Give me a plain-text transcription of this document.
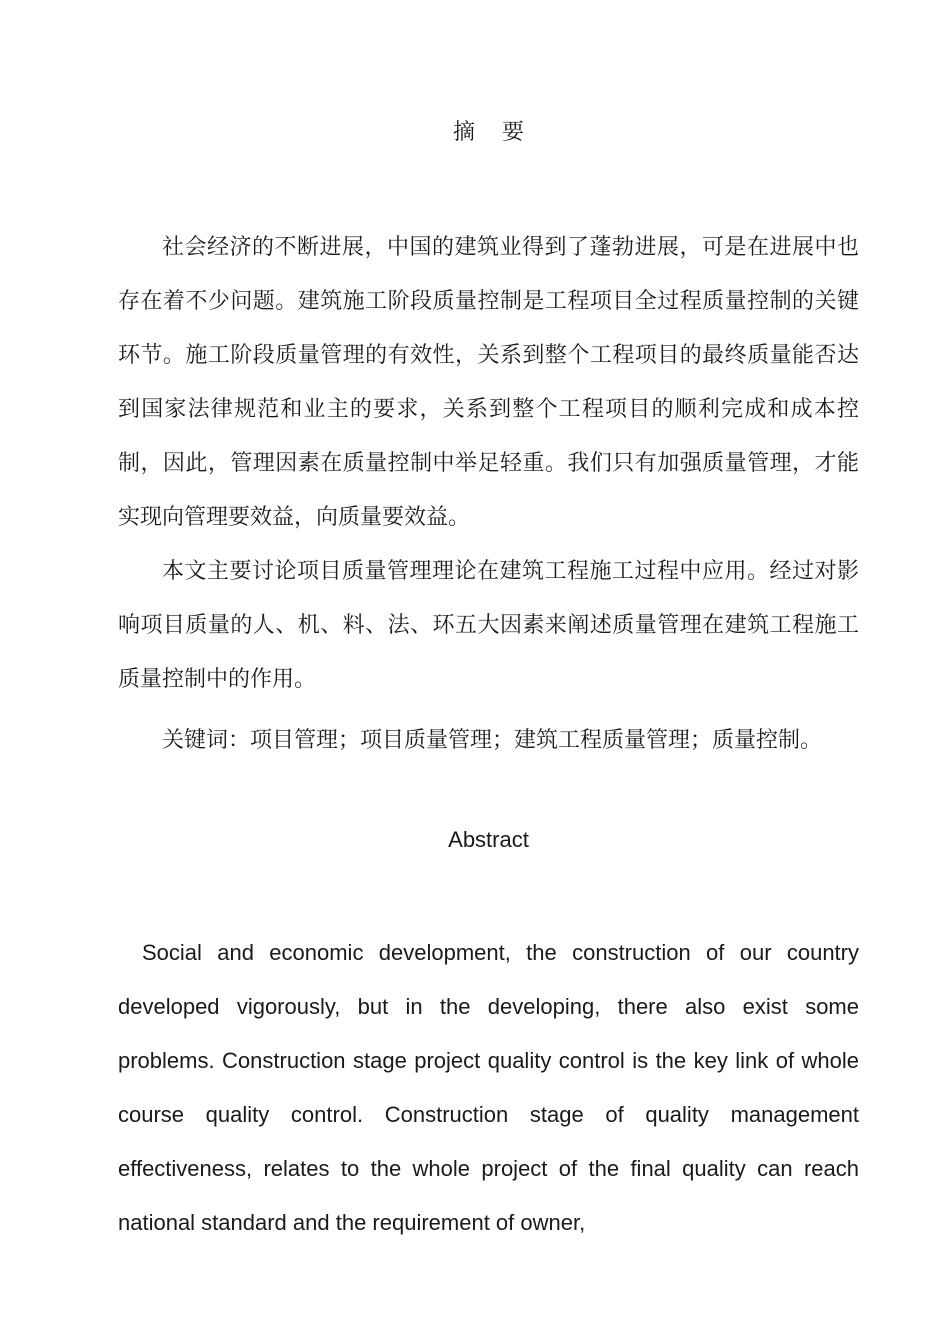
摘 要

社会经济的不断进展，中国的建筑业得到了蓬勃进展，可是在进展中也存在着不少问题。建筑施工阶段质量控制是工程项目全过程质量控制的关键环节。施工阶段质量管理的有效性，关系到整个工程项目的最终质量能否达到国家法律规范和业主的要求，关系到整个工程项目的顺利完成和成本控制，因此，管理因素在质量控制中举足轻重。我们只有加强质量管理，才能实现向管理要效益，向质量要效益。

本文主要讨论项目质量管理理论在建筑工程施工过程中应用。经过对影响项目质量的人、机、料、法、环五大因素来阐述质量管理在建筑工程施工质量控制中的作用。

关键词：项目管理；项目质量管理；建筑工程质量管理；质量控制。

Abstract

Social and economic development, the construction of our country developed vigorously, but in the developing, there also exist some problems. Construction stage project quality control is the key link of whole course quality control. Construction stage of quality management effectiveness, relates to the whole project of the final quality can reach national standard and the requirement of owner,
